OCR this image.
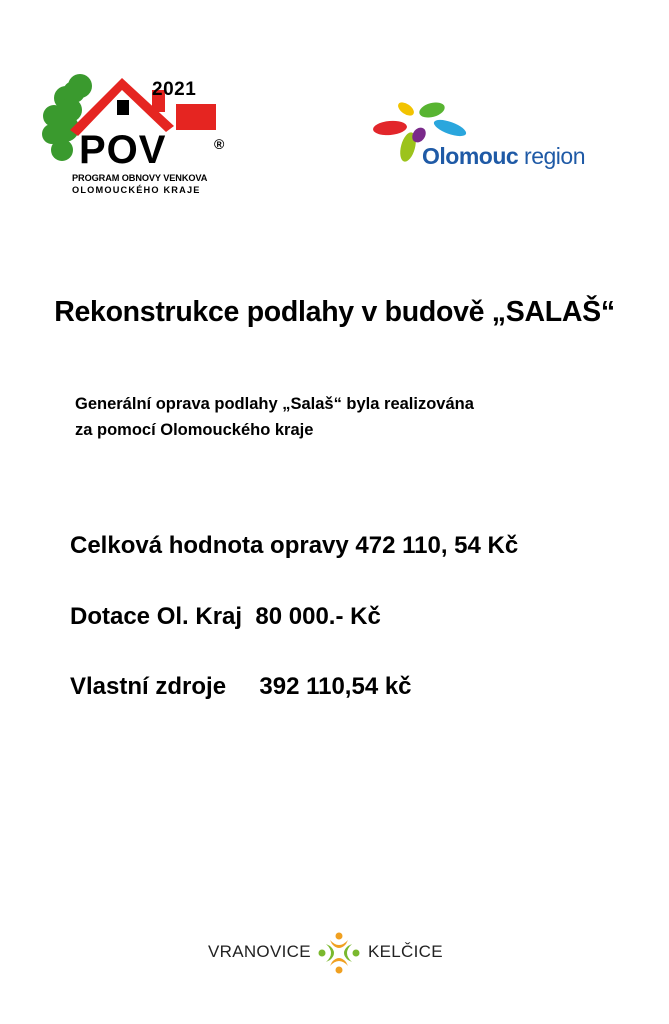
2021
POV	®
PROGRAM OBNOVY VENKOVA
OLOMOUCKÉHO KRAJE
Olomouc region
Rekonstrukce podlahy v budově „SALAŠ“
Generální oprava podlahy „Salaš“ byla realizována
za pomocí Olomouckého kraje
Celková hodnota opravy 472 110, 54 Kč
Dotace Ol. Kraj  80 000.- Kč
Vlastní zdroje     392 110,54 kč
VRANOVICE	KELČICE
